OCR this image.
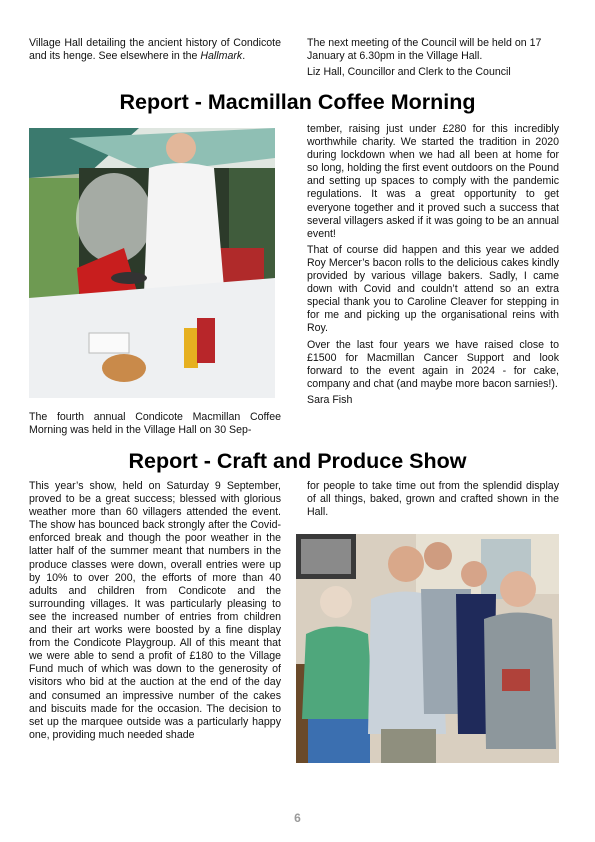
Village Hall detailing the ancient history of Condicote and its henge. See elsewhere in the Hallmark.

The next meeting of the Council will be held on 17 January at 6.30pm in the Village Hall.

Liz Hall, Councillor and Clerk to the Council

Report - Macmillan Coffee Morning

The fourth annual Condicote Macmillan Coffee Morning was held in the Village Hall on 30 Sep-

tember, raising just under £280 for this incredibly worthwhile charity. We started the tradition in 2020 during lockdown when we had all been at home for so long, holding the first event outdoors on the Pound and setting up spaces to comply with the pandemic regulations. It was a great opportunity to get everyone together and it proved such a success that several villagers asked if it was going to be an annual event!

That of course did happen and this year we added Roy Mercer’s bacon rolls to the delicious cakes kindly provided by various village bakers. Sadly, I came down with Covid and couldn’t attend so an extra special thank you to Caroline Cleaver for stepping in for me and picking up the organisational reins with Roy.

Over the last four years we have raised close to £1500 for Macmillan Cancer Support and look forward to the event again in 2024 - for cake, company and chat (and maybe more bacon sarnies!).

Sara Fish

Report - Craft and Produce Show

This year’s show, held on Saturday 9 September, proved to be a great success; blessed with glorious weather more than 60 villagers attended the event. The show has bounced back strongly after the Covid-enforced break and though the poor weather in the latter half of the summer meant that numbers in the produce classes were down, overall entries were up by 10% to over 200, the efforts of more than 40 adults and children from Condicote and the surrounding villages. It was particularly pleasing to see the increased number of entries from children and their art works were boosted by a fine display from the Condicote Playgroup. All of this meant that we were able to send a profit of £180 to the Village Fund much of which was down to the generosity of visitors who bid at the auction at the end of the day and consumed an impressive number of the cakes and biscuits made for the occasion. The decision to set up the marquee outside was a particularly happy one, providing much needed shade

for people to take time out from the splendid display of all things, baked, grown and crafted shown in the Hall.

6
